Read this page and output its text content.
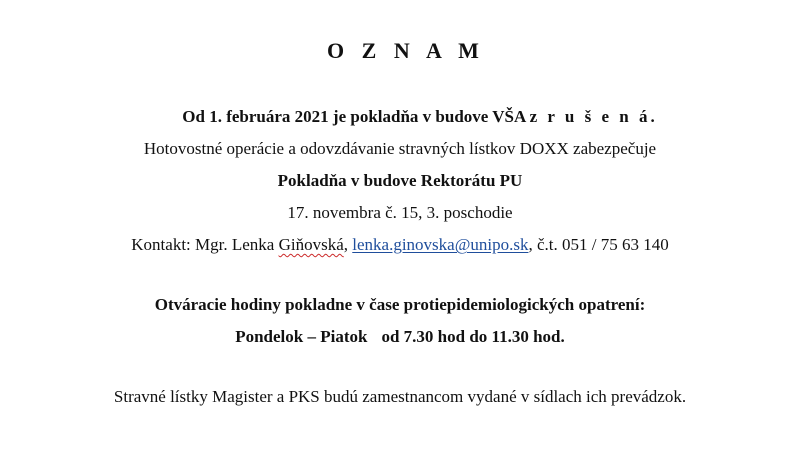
O Z N A M
Od 1. februára 2021 je pokladňa v budove VŠA z r u š e n á.
Hotovostné operácie a odovzdávanie stravných lístkov DOXX zabezpečuje
Pokladňa v budove Rektorátu PU
17. novembra č. 15, 3. poschodie
Kontakt: Mgr. Lenka Giňovská, lenka.ginovska@unipo.sk, č.t. 051 / 75 63 140
Otváracie hodiny pokladne v čase protiepidemiologických opatrení:
Pondelok – Piatok od 7.30 hod do 11.30 hod.
Stravné lístky Magister a PKS budú zamestnancom vydané v sídlach ich prevádzok.
